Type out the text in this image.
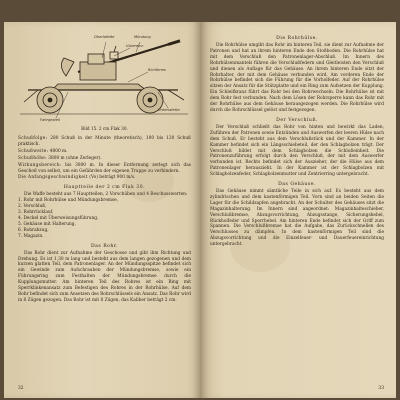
Mündung
Oberlafette
Visiereinr.
Richtkreis
Fahrgestell
Unterlafette
Bild 15. 2 cm Flak 30.

Schußfolge: 280 Schuß in der Minute (theoretisch), 100 bis 120 Schuß praktisch.

Schußweite: 4800 m.

Schußhöhe: 3800 m (ohne Zerleger).

Wirkungsbereich: bis 3800 m. In dieser Entfernung zerlegt sich das Geschoß von selbst, um ein Gefährden der eigenen Truppe zu verhindern.

Die Anfangsgeschwindigkeit (Vo) beträgt 900 m/s.

Hauptteile der 2 cm Flak 30.

Die Waffe besteht aus 7 Hauptteilen, 2 Vorschüben und 4 Beschusswerten:

1. Rohr mit Rohrhülse und Mündungsbremse,
2. Verschluß,
3. Rohrrücklauf,
4. Deckel mit Überweisungsführung,
5. Gehäuse mit Halterung,
6. Rohrabzug,
7. Magazin.
Das Rohr.

Das Rohr dient zur Aufnahme der Geschosse und gibt ihm Richtung und Drehung. Es ist 1,30 m lang und besteht aus dem langen gezogenen und dem kurzen glatten Teil, dem Patronenlager. An der Mündungsspitze befindet sich ein Gewinde zum Aufschrauben der Mündungsbremse, sowie ein Führungsring zum Festhalten der Mündungsbremse durch die Kupplungsmutter. Am hinteren Teil des Rohres ist ein Ring mit Sperrklinkenansatz zum Befestigen des Rohres in der Rohrhülse. Auf dem Rohr befindet sich zum Ansetzen des Rohrschlüssels ein Ansatz. Das Rohr wird in 8 Zügen gezogen. Das Rohr ist mit 8 Zügen, das Kaliber beträgt 2 cm.

32
Die Rohrhülse.

Die Rohrhülse umgibt das Rohr im hinteren Teil, sie dient zur Aufnahme der Patronen und hat an ihrem hinteren Ende den Stoßboden. Die Rohrhülse hat mit dem Verschluß den Patronenlager-Abschluß. Im Innern des Rohrhülsenmantels führen die Verschlußfedern und Gleitleisten den Verschluß und dienen als Auflage für das Gehäuse. An ihrem hinteren Ende sitzt der Rohrhalter, der mit dem Gehäuse verbunden wird. Am vorderen Ende der Rohrhülse befindet sich die Führung für die Vorholfeder. Auf der Rohrhülse sitzen der Ansatz für die Stützplatte und ein Ring zum Aufsetzen der Kupplung. Ein Schleifkranz führt das Rohr bei den Rohrwechseln. Die Rohrhülse ist mit dem Rohr fest verbunden. Nach dem Lösen der Rohrsperre kann das Rohr mit der Rohrhülse aus dem Gehäuse herausgezogen werden. Die Rohrhülse wird durch die Rohrschlüssel gelöst und festgezogen.

Der Verschluß.

Der Verschluß schließt das Rohr von hinten und bewirkt das Laden, Zuführen der Patronen sowie Entzünden und Auswerfen der leeren Hülse nach dem Schuß. Er besteht aus dem Verschlußstück und der Kammer. In der Kammer befindet sich ein Längsschiebeteil, der den Schlagbolzen trägt. Der Verschluß bildet mit dem Schlagbolzen die Schloßeinheit. Die Patronenzuführung erfolgt durch den Verschluß, der mit dem Auswerfer verbunden ist. Rechts befindet sich der Auszieher, der die Hülse aus dem Patronenlager herauszieht. In der Kammer ist der Schlagbolzen mit Schlagbolzenfeder, Schlagbolzenmutter und Zentrierring untergebracht.

Das Gehäuse.

Das Gehäuse nimmt sämtliche Teile in sich auf. Es besteht aus dem zylindrischen und dem kastenförmigen Teil. Vorn sind an beiden Seiten die Lager für die Schildzapfen angebracht. An der Schulter des Gehäuses sitzt die Magazinhalterung. Im Innern sind angeordnet: Magazinhalteschieber, Verschlußbremse, Abzugsvorrichtung, Abzugsstange, Sicherungshebel, Rückholfeder und Sperrhebel. Am hinteren Ende befindet sich der Griff zum Spannen. Die Verschlußbremse hat die Aufgabe, das Zurückschnellen des Verschlusses zu dämpfen. In dem kastenförmigen Teil sind die Abzugsvorrichtung und die Einzelfeuer- und Dauerfeuereinrichtung untergebracht.

33
